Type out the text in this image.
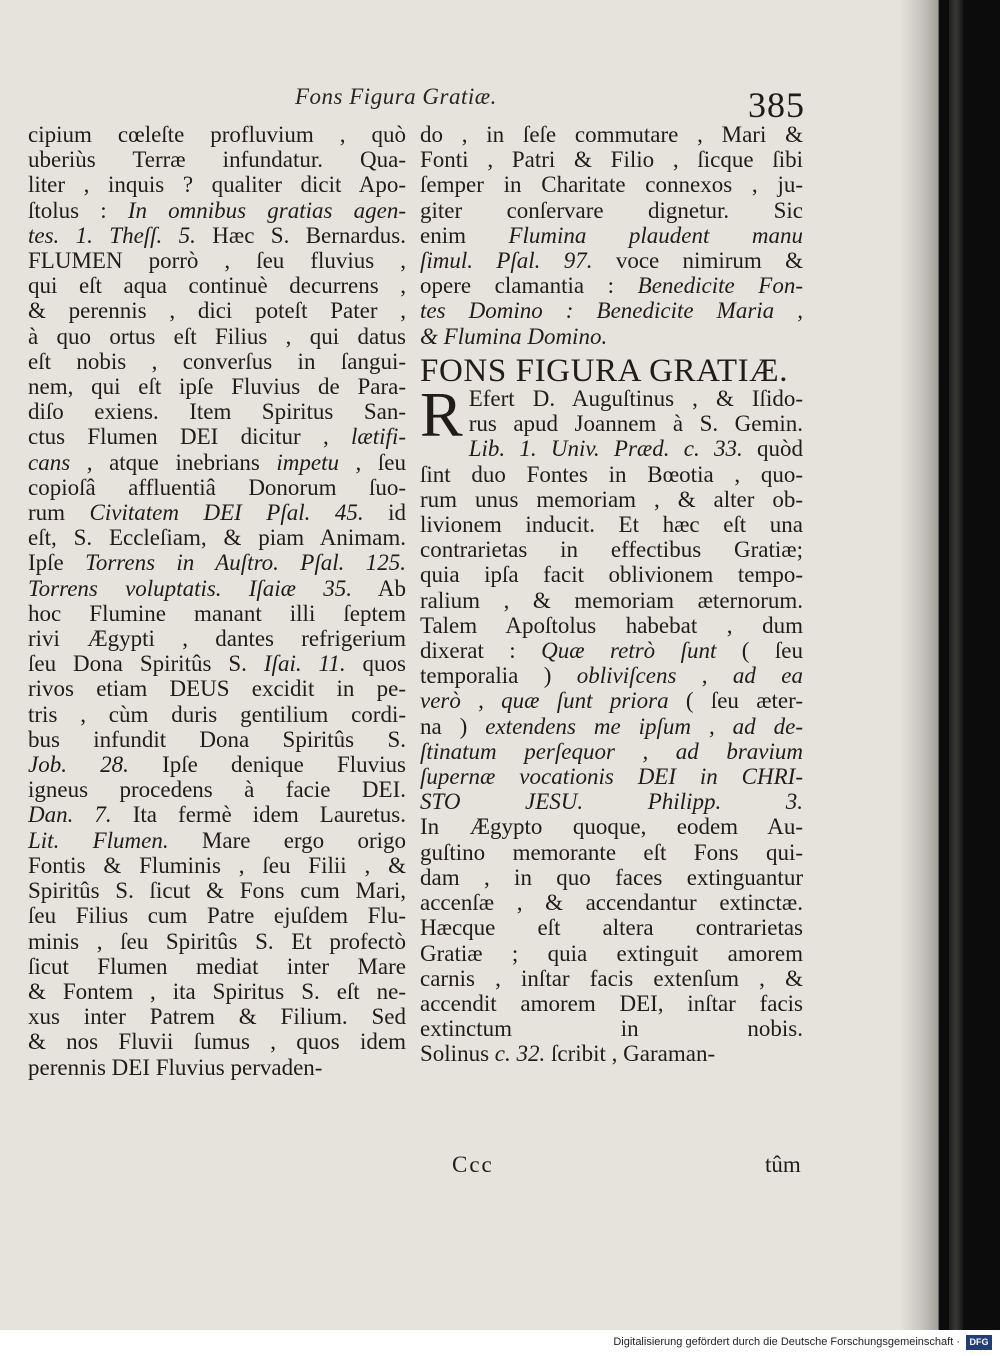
Fons Figura Gratiæ.	385
cipium cœleſte profluvium , quò
uberiùs Terræ infundatur. Qua-
liter , inquis ? qualiter dicit Apo-
ſtolus : In omnibus gratias agen-
tes. 1. Theſſ. 5. Hæc S. Bernardus.
FLUMEN porrò , ſeu fluvius ,
qui eſt aqua continuè decurrens ,
& perennis , dici poteſt Pater ,
à quo ortus eſt Filius , qui datus
eſt nobis , converſus in ſangui-
nem, qui eſt ipſe Fluvius de Para-
diſo exiens. Item Spiritus San-
ctus Flumen DEI dicitur , lætifi-
cans , atque inebrians impetu , ſeu
copioſâ affluentiâ Donorum ſuo-
rum Civitatem DEI Pſal. 45. id
eſt, S. Eccleſiam, & piam Animam.
Ipſe Torrens in Auſtro. Pſal. 125.
Torrens voluptatis. Iſaiæ 35. Ab
hoc Flumine manant illi ſeptem
rivi Ægypti , dantes refrigerium
ſeu Dona Spiritûs S. Iſai. 11. quos
rivos etiam DEUS excidit in pe-
tris , cùm duris gentilium cordi-
bus infundit Dona Spiritûs S.
Job. 28. Ipſe denique Fluvius
igneus procedens à facie DEI.
Dan. 7. Ita fermè idem Lauretus.
Lit. Flumen. Mare ergo origo
Fontis & Fluminis , ſeu Filii , &
Spiritûs S. ſicut & Fons cum Mari,
ſeu Filius cum Patre ejuſdem Flu-
minis , ſeu Spiritûs S. Et profectò
ſicut Flumen mediat inter Mare
& Fontem , ita Spiritus S. eſt ne-
xus inter Patrem & Filium. Sed
& nos Fluvii ſumus , quos idem
perennis DEI Fluvius pervaden-
do , in ſeſe commutare , Mari &
Fonti , Patri & Filio , ſicque ſibi
ſemper in Charitate connexos , ju-
giter conſervare dignetur. Sic
enim Flumina plaudent manu
ſimul. Pſal. 97. voce nimirum &
opere clamantia : Benedicite Fon-
tes Domino : Benedicite Maria ,
& Flumina Domino.
FONS FIGURA GRATIÆ.
R Efert D. Auguſtinus , & Iſido-
rus apud Joannem à S. Gemin.
Lib. 1. Univ. Præd. c. 33. quòd
ſint duo Fontes in Bœotia , quo-
rum unus memoriam , & alter ob-
livionem inducit. Et hæc eſt una
contrarietas in effectibus Gratiæ;
quia ipſa facit oblivionem tempo-
ralium , & memoriam æternorum.
Talem Apoſtolus habebat , dum
dixerat : Quæ retrò ſunt ( ſeu
temporalia ) obliviſcens , ad ea
verò , quæ ſunt priora ( ſeu æter-
na ) extendens me ipſum , ad de-
ſtinatum perſequor , ad bravium
ſupernæ vocationis DEI in CHRI-
STO JESU. Philipp. 3.
In Ægypto quoque, eodem Au-
guſtino memorante eſt Fons qui-
dam , in quo faces extinguantur
accenſæ , & accendantur extinctæ.
Hæcque eſt altera contrarietas
Gratiæ ; quia extinguit amorem
carnis , inſtar facis extenſum , &
accendit amorem DEI, inſtar facis
extinctum in nobis.
Solinus c. 32. ſcribit , Garaman-
Ccc	tûm
Digitalisierung gefördert durch die Deutsche Forschungsgemeinschaft ·	DFG
